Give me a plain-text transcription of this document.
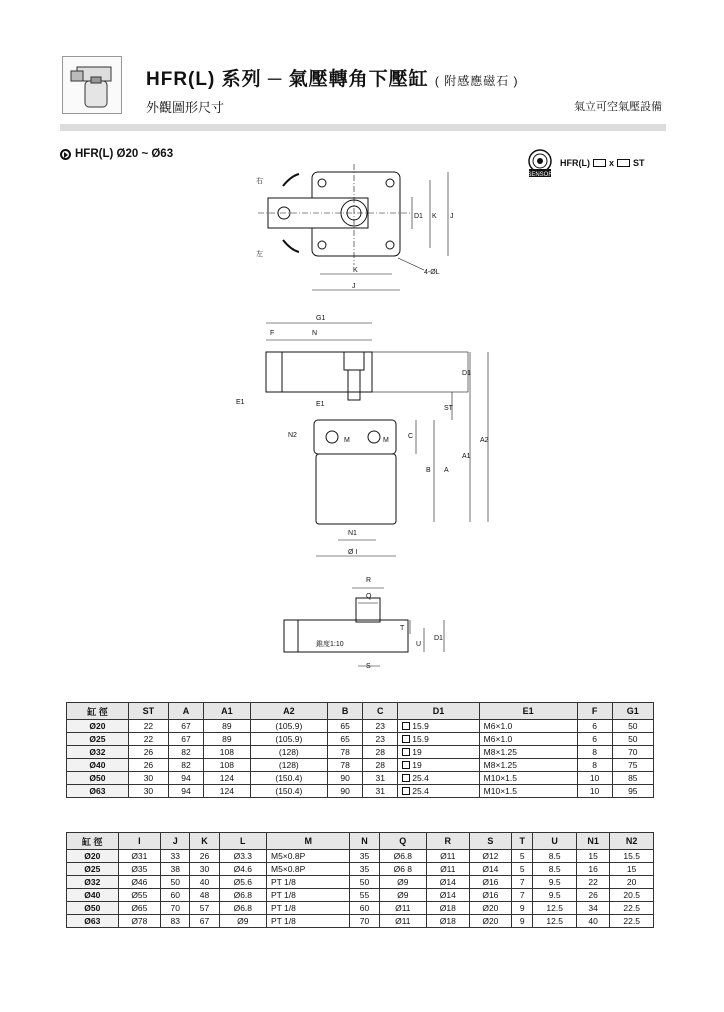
HFR(L) 系列 ─ 氣壓轉角下壓缸 ( 附感應磁石 )
外觀圖形尺寸	氣立可空氣壓設備
HFR(L) Ø20 ~ Ø63
SENSOR
HFR(L) x ST
右
左
K
J
D1 K J
4-ØL
G1
F	N
E1	E1
D1
ST
N2
M	M
C
B A
A1
A2
N1
Ø I
R
Q
T
U
D1
S
錐度1:10
缸 徑	ST	A	A1	A2	B	C	D1	E1	F	G1
Ø20	22	67	89	(105.9)	65	23	15.9	M6×1.0	6	50
Ø25	22	67	89	(105.9)	65	23	15.9	M6×1.0	6	50
Ø32	26	82	108	(128)	78	28	19	M8×1.25	8	70
Ø40	26	82	108	(128)	78	28	19	M8×1.25	8	75
Ø50	30	94	124	(150.4)	90	31	25.4	M10×1.5	10	85
Ø63	30	94	124	(150.4)	90	31	25.4	M10×1.5	10	95
缸 徑	I	J	K	L	M	N	Q	R	S	T	U	N1	N2
Ø20	Ø31	33	26	Ø3.3	M5×0.8P	35	Ø6.8	Ø11	Ø12	5	8.5	15	15.5
Ø25	Ø35	38	30	Ø4.6	M5×0.8P	35	Ø6 8	Ø11	Ø14	5	8.5	16	15
Ø32	Ø46	50	40	Ø5.6	PT 1/8	50	Ø9	Ø14	Ø16	7	9.5	22	20
Ø40	Ø55	60	48	Ø6.8	PT 1/8	55	Ø9	Ø14	Ø16	7	9.5	26	20.5
Ø50	Ø65	70	57	Ø6.8	PT 1/8	60	Ø11	Ø18	Ø20	9	12.5	34	22.5
Ø63	Ø78	83	67	Ø9	PT 1/8	70	Ø11	Ø18	Ø20	9	12.5	40	22.5
